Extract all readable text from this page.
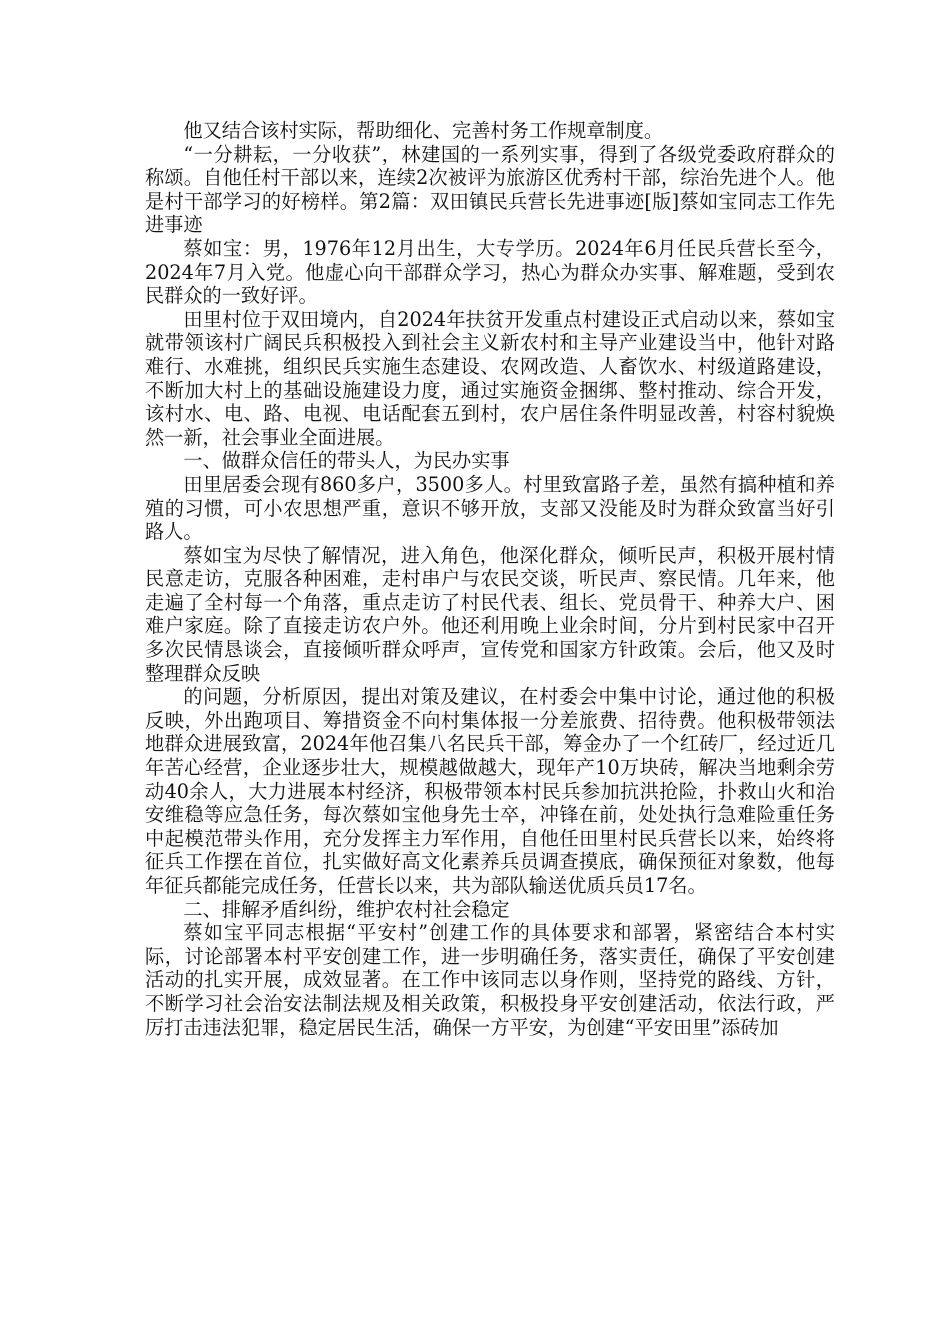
他又结合该村实际，帮助细化、完善村务工作规章制度。

“一分耕耘，一分收获”，林建国的一系列实事，得到了各级党委政府群众的称颂。自他任村干部以来，连续2次被评为旅游区优秀村干部，综治先进个人。他是村干部学习的好榜样。第2篇：双田镇民兵营长先进事迹[版]蔡如宝同志工作先进事迹

蔡如宝：男，1976年12月出生，大专学历。2024年6月任民兵营长至今，2024年7月入党。他虚心向干部群众学习，热心为群众办实事、解难题，受到农民群众的一致好评。

田里村位于双田境内，自2024年扶贫开发重点村建设正式启动以来，蔡如宝就带领该村广阔民兵积极投入到社会主义新农村和主导产业建设当中，他针对路难行、水难挑，组织民兵实施生态建设、农网改造、人畜饮水、村级道路建设，不断加大村上的基础设施建设力度，通过实施资金捆绑、整村推动、综合开发，该村水、电、路、电视、电话配套五到村，农户居住条件明显改善，村容村貌焕然一新，社会事业全面进展。

一、做群众信任的带头人，为民办实事

田里居委会现有860多户，3500多人。村里致富路子差，虽然有搞种植和养殖的习惯，可小农思想严重，意识不够开放，支部又没能及时为群众致富当好引路人。

蔡如宝为尽快了解情况，进入角色，他深化群众，倾听民声，积极开展村情民意走访，克服各种困难，走村串户与农民交谈，听民声、察民情。几年来，他走遍了全村每一个角落，重点走访了村民代表、组长、党员骨干、种养大户、困难户家庭。除了直接走访农户外。他还利用晚上业余时间，分片到村民家中召开多次民情恳谈会，直接倾听群众呼声，宣传党和国家方针政策。会后，他又及时整理群众反映

的问题，分析原因，提出对策及建议，在村委会中集中讨论，通过他的积极反映，外出跑项目、筹措资金不向村集体报一分差旅费、招待费。他积极带领法地群众进展致富，2024年他召集八名民兵干部，筹金办了一个红砖厂，经过近几年苦心经营，企业逐步壮大，规模越做越大，现年产10万块砖，解决当地剩余劳动40余人，大力进展本村经济，积极带领本村民兵参加抗洪抢险，扑救山火和治安维稳等应急任务，每次蔡如宝他身先士卒，冲锋在前，处处执行急难险重任务中起模范带头作用，充分发挥主力军作用，自他任田里村民兵营长以来，始终将征兵工作摆在首位，扎实做好高文化素养兵员调查摸底，确保预征对象数，他每年征兵都能完成任务，任营长以来，共为部队输送优质兵员17名。

二、排解矛盾纠纷，维护农村社会稳定

蔡如宝平同志根据“平安村”创建工作的具体要求和部署，紧密结合本村实际，讨论部署本村平安创建工作，进一步明确任务，落实责任，确保了平安创建活动的扎实开展，成效显著。在工作中该同志以身作则，坚持党的路线、方针，不断学习社会治安法制法规及相关政策，积极投身平安创建活动，依法行政，严厉打击违法犯罪，稳定居民生活，确保一方平安，为创建“平安田里”添砖加
